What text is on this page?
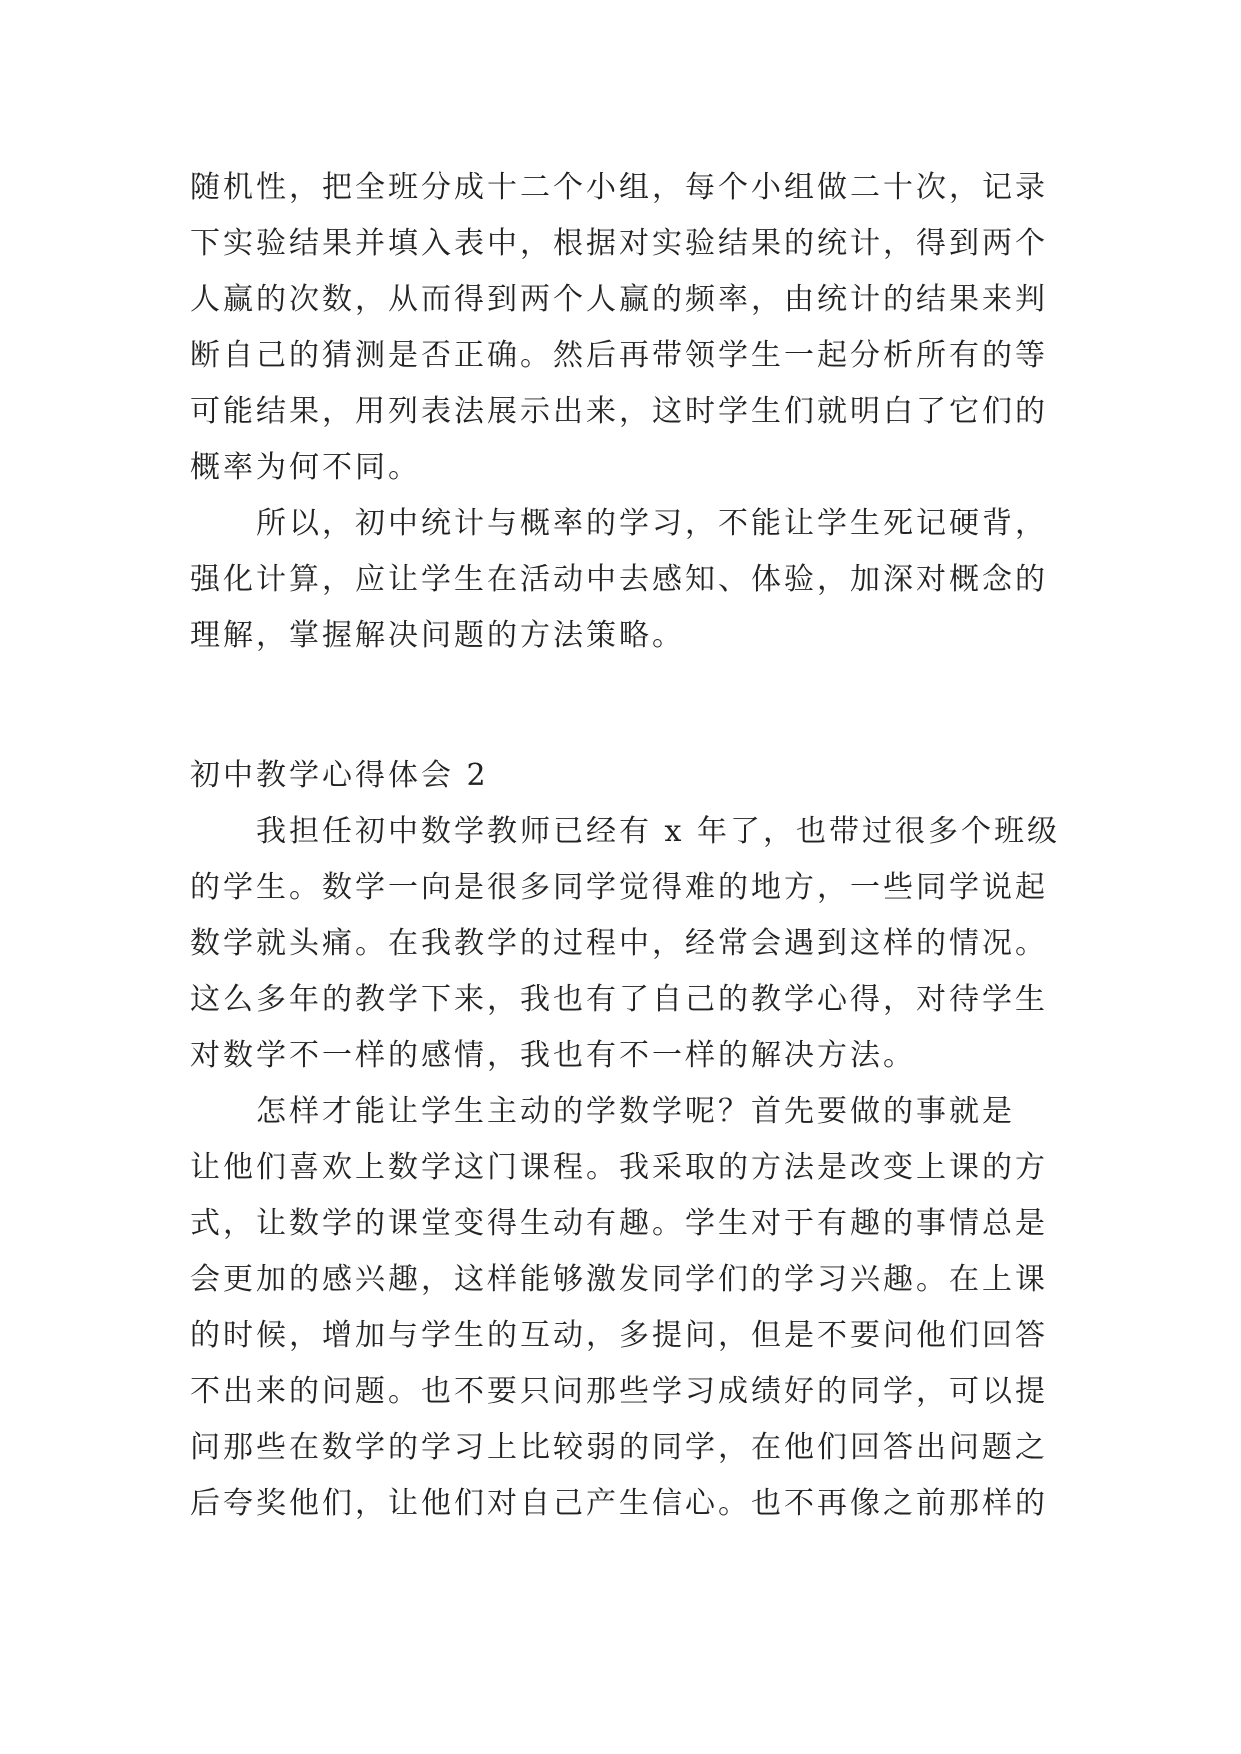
随机性，把全班分成十二个小组，每个小组做二十次，记录
下实验结果并填入表中，根据对实验结果的统计，得到两个
人赢的次数，从而得到两个人赢的频率，由统计的结果来判
断自己的猜测是否正确。然后再带领学生一起分析所有的等
可能结果，用列表法展示出来，这时学生们就明白了它们的
概率为何不同。
　　所以，初中统计与概率的学习，不能让学生死记硬背，
强化计算，应让学生在活动中去感知、体验，加深对概念的
理解，掌握解决问题的方法策略。
初中教学心得体会 2
　　我担任初中数学教师已经有 x 年了，也带过很多个班级
的学生。数学一向是很多同学觉得难的地方，一些同学说起
数学就头痛。在我教学的过程中，经常会遇到这样的情况。
这么多年的教学下来，我也有了自己的教学心得，对待学生
对数学不一样的感情，我也有不一样的解决方法。
　　怎样才能让学生主动的学数学呢？首先要做的事就是
让他们喜欢上数学这门课程。我采取的方法是改变上课的方
式，让数学的课堂变得生动有趣。学生对于有趣的事情总是
会更加的感兴趣，这样能够激发同学们的学习兴趣。在上课
的时候，增加与学生的互动，多提问，但是不要问他们回答
不出来的问题。也不要只问那些学习成绩好的同学，可以提
问那些在数学的学习上比较弱的同学，在他们回答出问题之
后夸奖他们，让他们对自己产生信心。也不再像之前那样的
